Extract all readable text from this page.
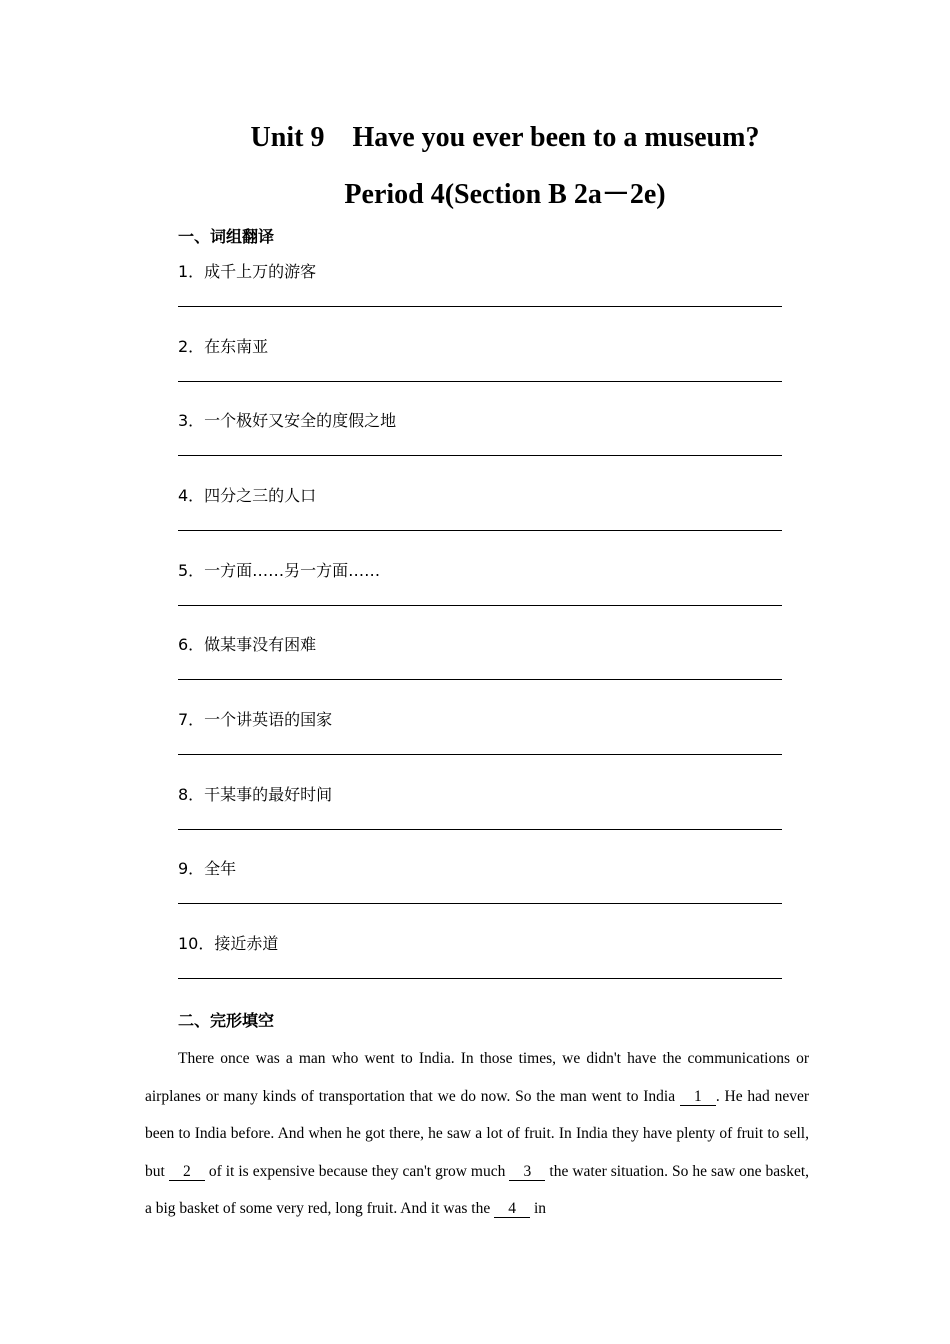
Unit 9    Have you ever been to a museum?
Period 4(Section B 2a－2e)
一、词组翻译
1．成千上万的游客
2．在东南亚
3．一个极好又安全的度假之地
4．四分之三的人口
5．一方面……另一方面……
6．做某事没有困难
7．一个讲英语的国家
8．干某事的最好时间
9．全年
10．接近赤道
二、完形填空

There once was a man who went to India. In those times, we didn't have the communications or airplanes or many kinds of transportation that we do now. So the man went to India 1 . He had never been to India before. And when he got there, he saw a lot of fruit. In India they have plenty of fruit to sell, but 2 of it is expensive because they can't grow much 3 the water situation. So he saw one basket, a big basket of some very red, long fruit. And it was the 4 in
